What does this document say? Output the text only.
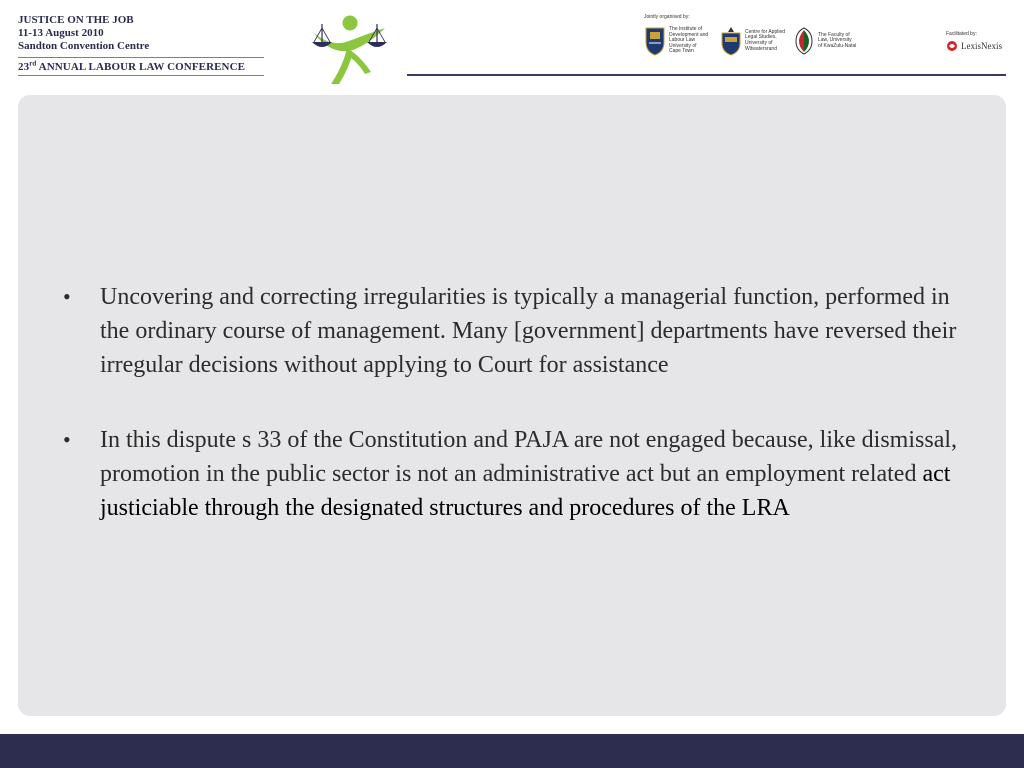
JUSTICE ON THE JOB
11-13 August 2010
Sandton Convention Centre
23rd ANNUAL LABOUR LAW CONFERENCE
Jointly organised by:
The Institute of
Development and
Labour Law
University of
Cape Town
Centre for Applied
Legal Studies,
University of
Witwatersrand
The Faculty of
Law, University
of KwaZulu-Natal
Facilitated by:
LexisNexis
• Uncovering and correcting irregularities is typically a managerial function, performed in the ordinary course of management. Many [government] departments have reversed their irregular decisions without applying to Court for assistance
• In this dispute s 33 of the Constitution and PAJA are not engaged because, like dismissal, promotion in the public sector is not an administrative act but an employment related act justiciable through the designated structures and procedures of the LRA
